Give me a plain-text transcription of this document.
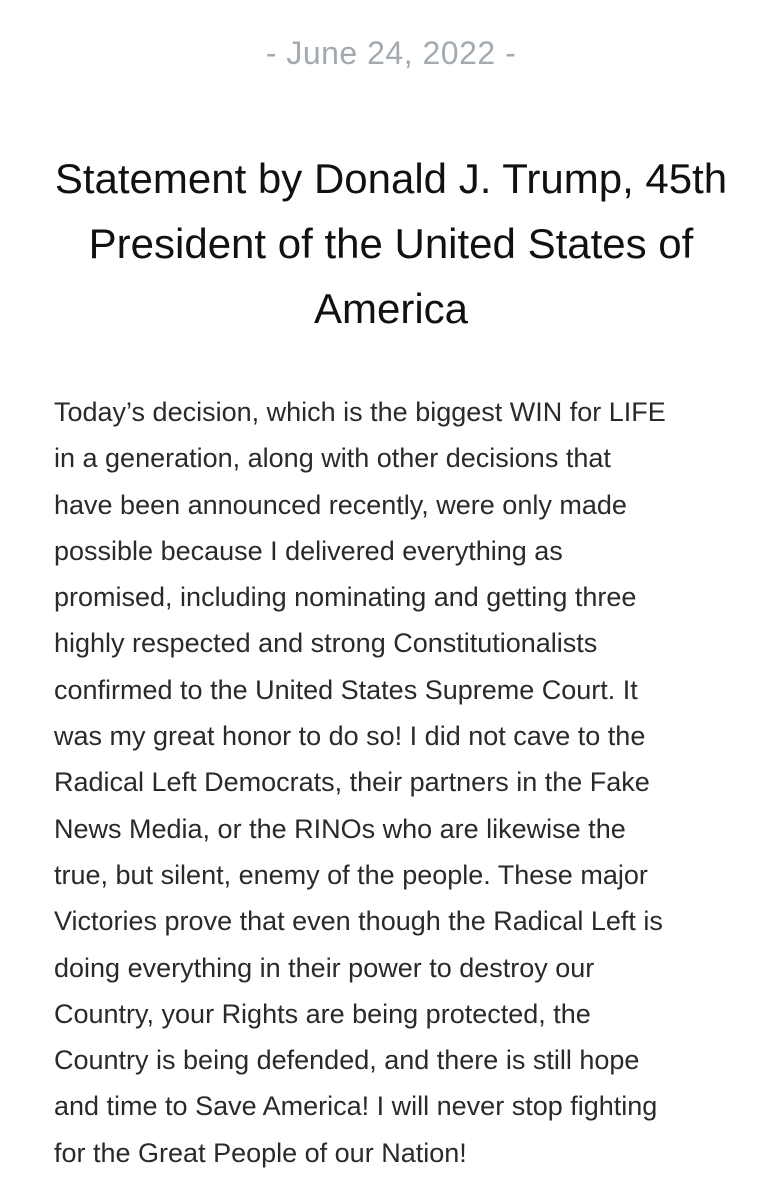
- June 24, 2022 -
Statement by Donald J. Trump, 45th President of the United States of America
Today’s decision, which is the biggest WIN for LIFE
in a generation, along with other decisions that
have been announced recently, were only made
possible because I delivered everything as
promised, including nominating and getting three
highly respected and strong Constitutionalists
confirmed to the United States Supreme Court. It
was my great honor to do so! I did not cave to the
Radical Left Democrats, their partners in the Fake
News Media, or the RINOs who are likewise the
true, but silent, enemy of the people. These major
Victories prove that even though the Radical Left is
doing everything in their power to destroy our
Country, your Rights are being protected, the
Country is being defended, and there is still hope
and time to Save America! I will never stop fighting
for the Great People of our Nation!
